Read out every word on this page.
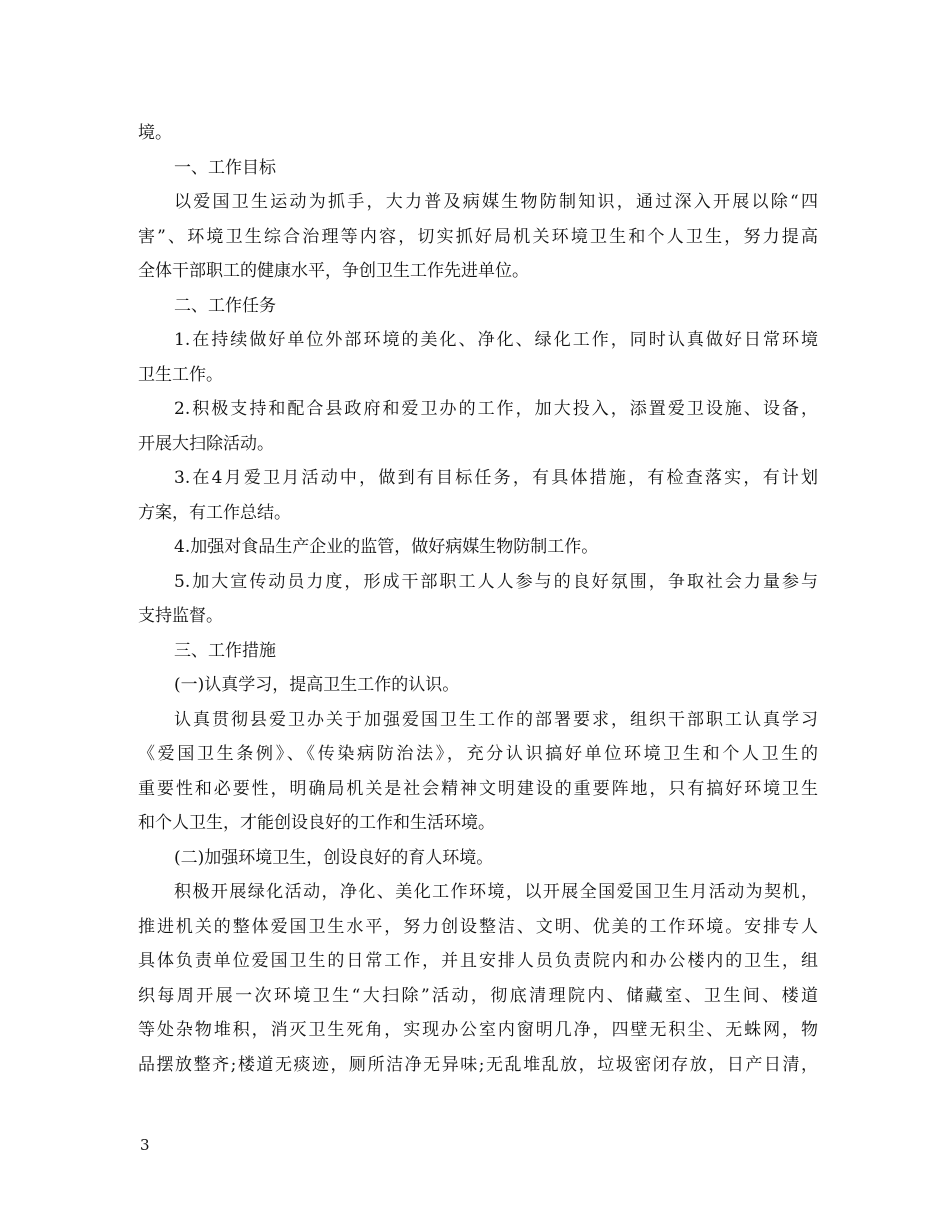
境。
一、工作目标
以爱国卫生运动为抓手，大力普及病媒生物防制知识，通过深入开展以除“四
害”、环境卫生综合治理等内容，切实抓好局机关环境卫生和个人卫生，努力提高
全体干部职工的健康水平，争创卫生工作先进单位。
二、工作任务
1.在持续做好单位外部环境的美化、净化、绿化工作，同时认真做好日常环境
卫生工作。
2.积极支持和配合县政府和爱卫办的工作，加大投入，添置爱卫设施、设备，
开展大扫除活动。
3.在4月爱卫月活动中，做到有目标任务，有具体措施，有检查落实，有计划
方案，有工作总结。
4.加强对食品生产企业的监管，做好病媒生物防制工作。
5.加大宣传动员力度，形成干部职工人人参与的良好氛围，争取社会力量参与
支持监督。
三、工作措施
(一)认真学习，提高卫生工作的认识。
认真贯彻县爱卫办关于加强爱国卫生工作的部署要求，组织干部职工认真学习
《爱国卫生条例》、《传染病防治法》，充分认识搞好单位环境卫生和个人卫生的
重要性和必要性，明确局机关是社会精神文明建设的重要阵地，只有搞好环境卫生
和个人卫生，才能创设良好的工作和生活环境。
(二)加强环境卫生，创设良好的育人环境。
积极开展绿化活动，净化、美化工作环境，以开展全国爱国卫生月活动为契机，
推进机关的整体爱国卫生水平，努力创设整洁、文明、优美的工作环境。安排专人
具体负责单位爱国卫生的日常工作，并且安排人员负责院内和办公楼内的卫生，组
织每周开展一次环境卫生“大扫除”活动，彻底清理院内、储藏室、卫生间、楼道
等处杂物堆积，消灭卫生死角，实现办公室内窗明几净，四壁无积尘、无蛛网，物
品摆放整齐;楼道无痰迹，厕所洁净无异味;无乱堆乱放，垃圾密闭存放，日产日清，
3
